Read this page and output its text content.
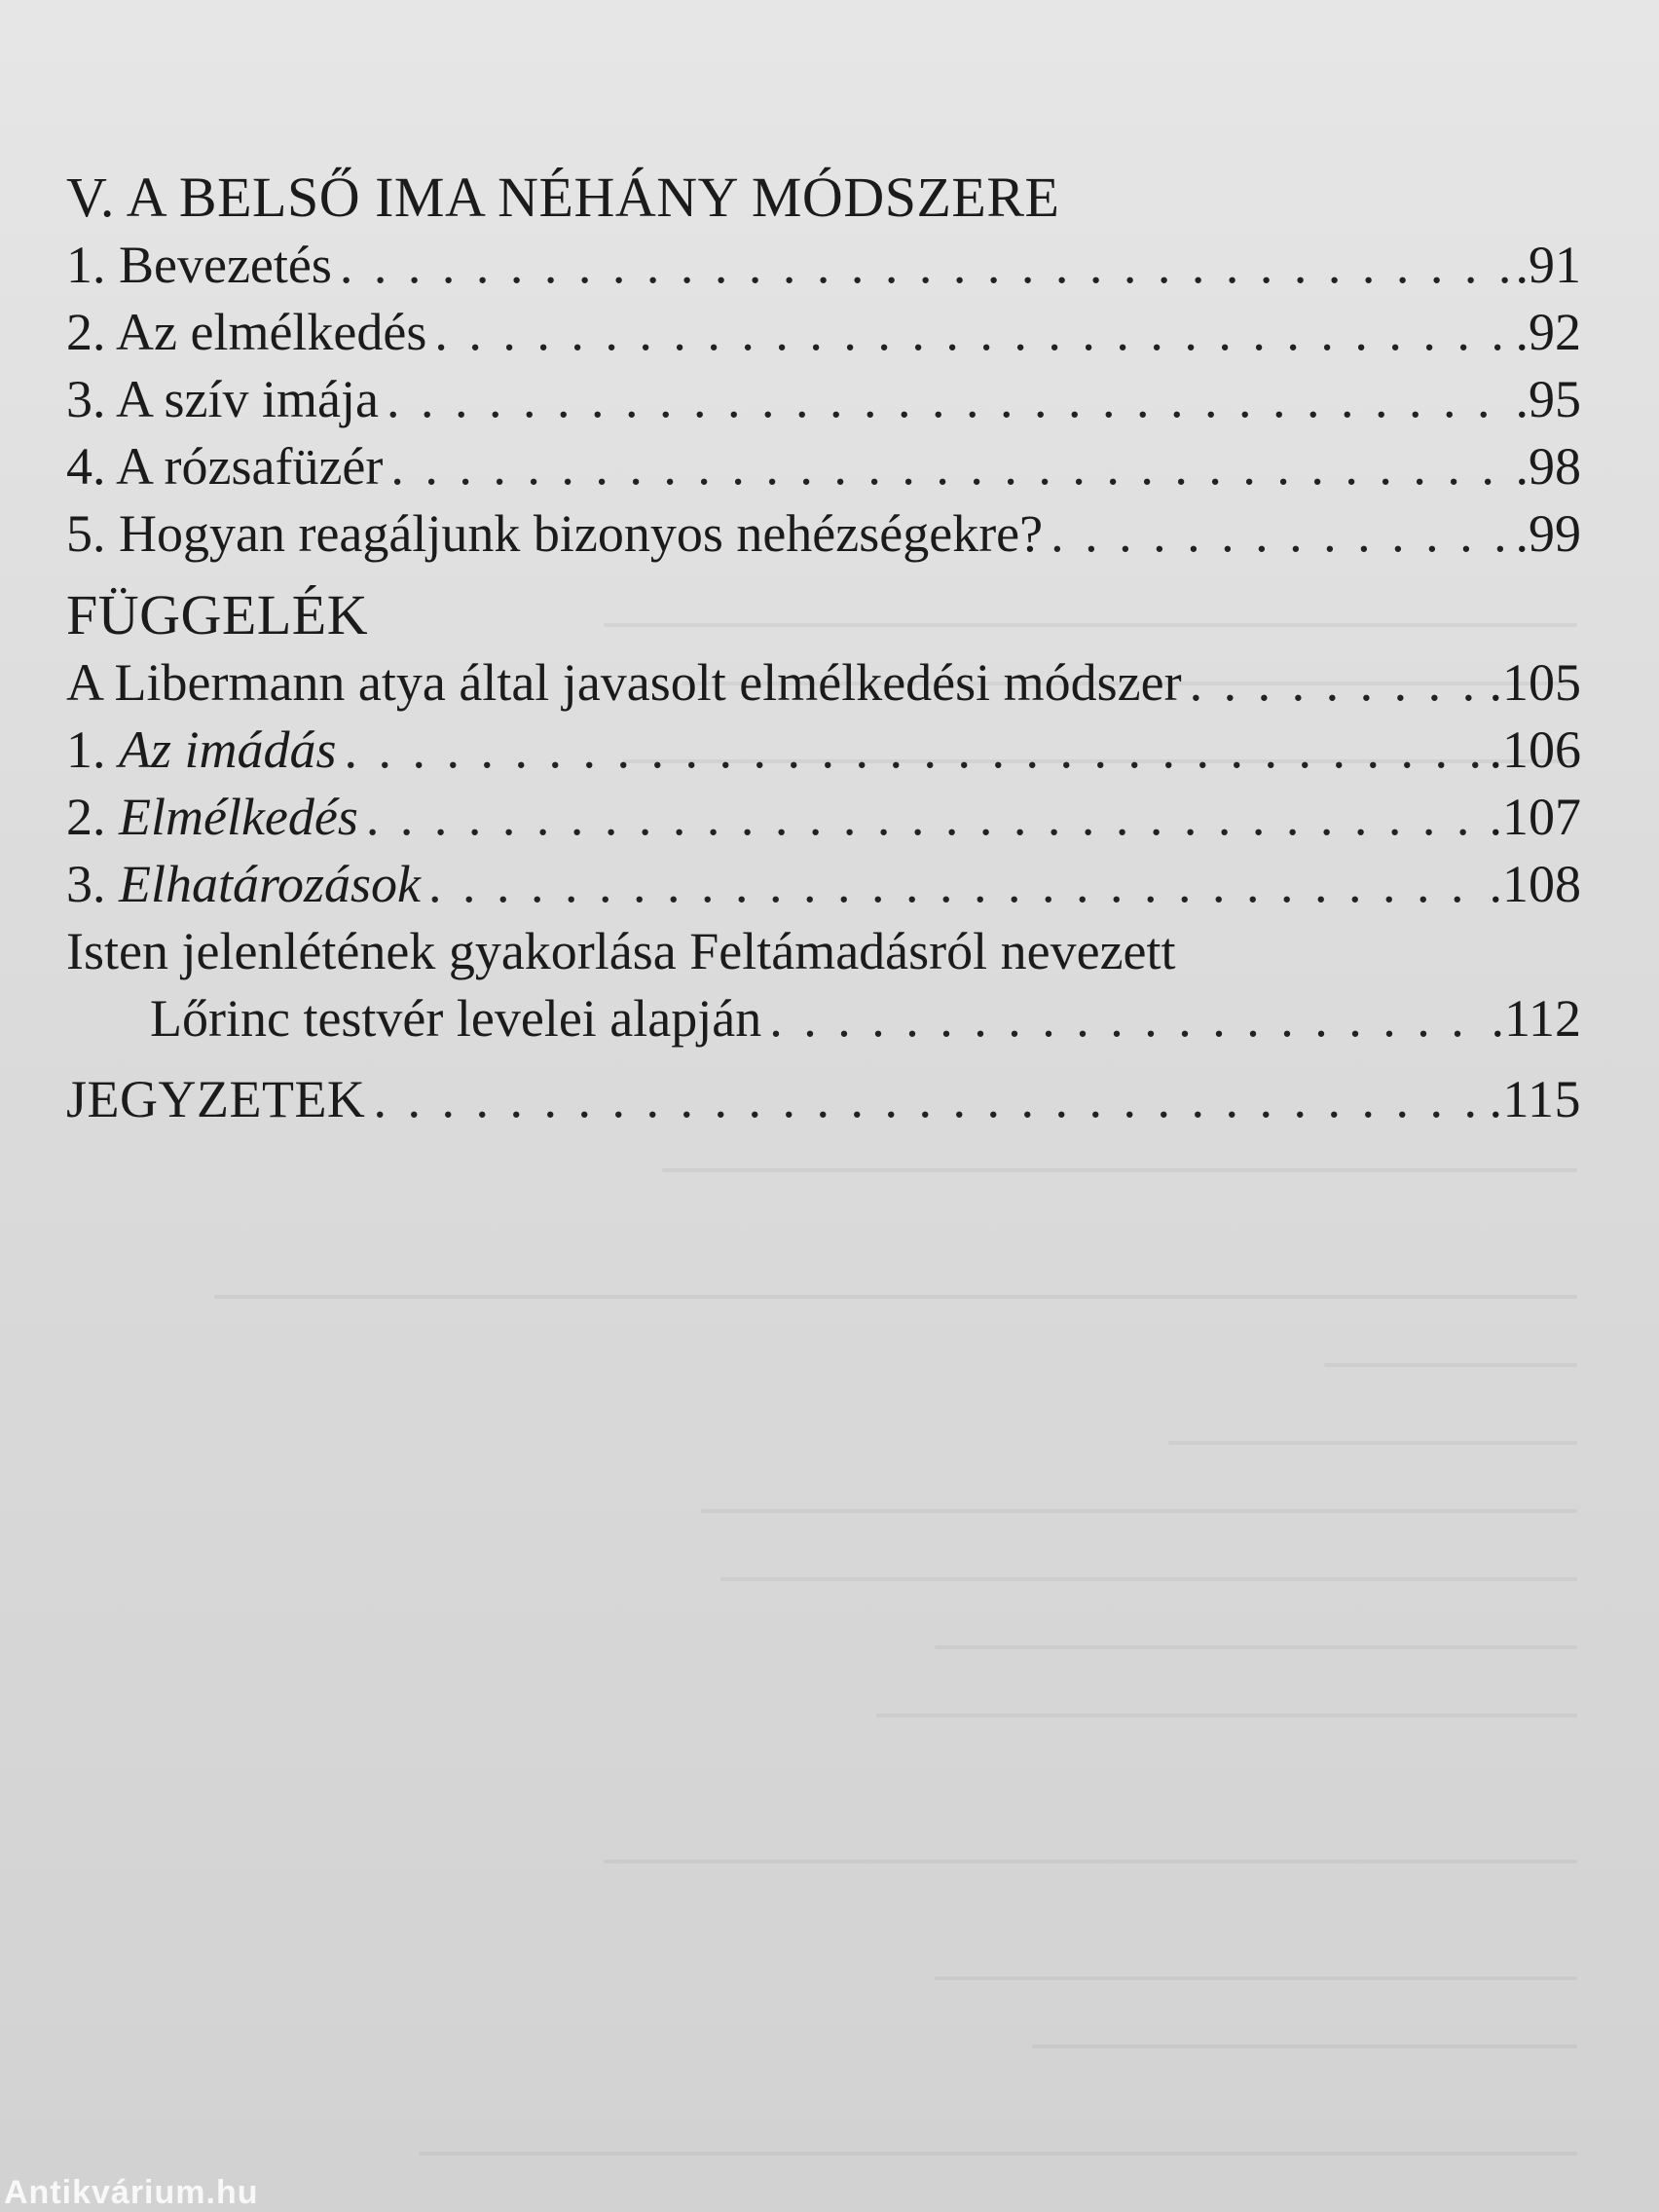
V. A BELSŐ IMA NÉHÁNY MÓDSZERE
1. Bevezetés . . .	.91
2. Az elmélkedés . . .	.92
3. A szív imája . . .	.95
4. A rózsafüzér . . .	.98
5. Hogyan reagáljunk bizonyos nehézségekre? . . .	.99
FÜGGELÉK
A Libermann atya által javasolt elmélkedési módszer . . .	.105
1. Az imádás . . .	.106
2. Elmélkedés . . .	.107
3. Elhatározások . . .	.108
Isten jelenlétének gyakorlása Feltámadásról nevezett
Lőrinc testvér levelei alapján . . .	.112
JEGYZETEK . . .	.115
Antikvárium.hu
